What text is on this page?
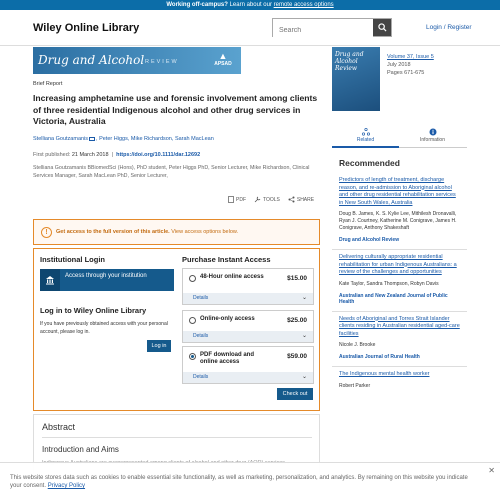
Working off-campus? Learn about our remote access options
Wiley Online Library
Search	Login / Register
Drug and Alcohol REVIEW
▲
APSAD
Brief Report
Increasing amphetamine use and forensic involvement among clients of three residential Indigenous alcohol and other drug services in Victoria, Australia
Stelliana Goutzamanis , Peter Higgs, Mike Richardson, Sarah MacLean
First published: 21 March 2018  |  https://doi.org/10.1111/dar.12692
Stelliana Goutzamanis BBiomedSci (Hons), PhD student, Peter Higgs PhD, Senior Lecturer, Mike Richardson, Clinical Services Manager, Sarah MacLean PhD, Senior Lecturer,
PDF	TOOLS	SHARE
!	Get access to the full version of this article. View access options below.
Institutional Login
Access through your institution
Log in to Wiley Online Library
If you have previously obtained access with your personal account, please log in.
Log in
Purchase Instant Access
48-Hour online access	$15.00
Details	⌄
Online-only access	$25.00
Details	⌄
PDF download and online access
$59.00
Details	⌄
Check out
Abstract
Introduction and Aims
Drug and Alcohol Review
Volume 37, Issue 5
July 2018
Pages 671-675
Related	Information
Recommended
Predictors of length of treatment, discharge reason, and re-admission to Aboriginal alcohol and other drug residential rehabilitation services in New South Wales, Australia
Doug B. James, K. S. Kylie Lee, Mithilesh Dronavalli, Ryan J. Courtney, Katherine M. Conigrave, James H. Conigrave, Anthony Shakeshaft
Drug and Alcohol Review
Delivering culturally appropriate residential rehabilitation for urban Indigenous Australians: a review of the challenges and opportunities
Kate Taylor, Sandra Thompson, Robyn Davis
Australian and New Zealand Journal of Public Health
Needs of Aboriginal and Torres Strait Islander clients residing in Australian residential aged-care facilities
Nicole J. Brooke
Australian Journal of Rural Health
The Indigenous mental health worker
Robert Parker
✕
This website stores data such as cookies to enable essential site functionality, as well as marketing, personalization, and analytics. By remaining on this website you indicate your consent. Privacy Policy
